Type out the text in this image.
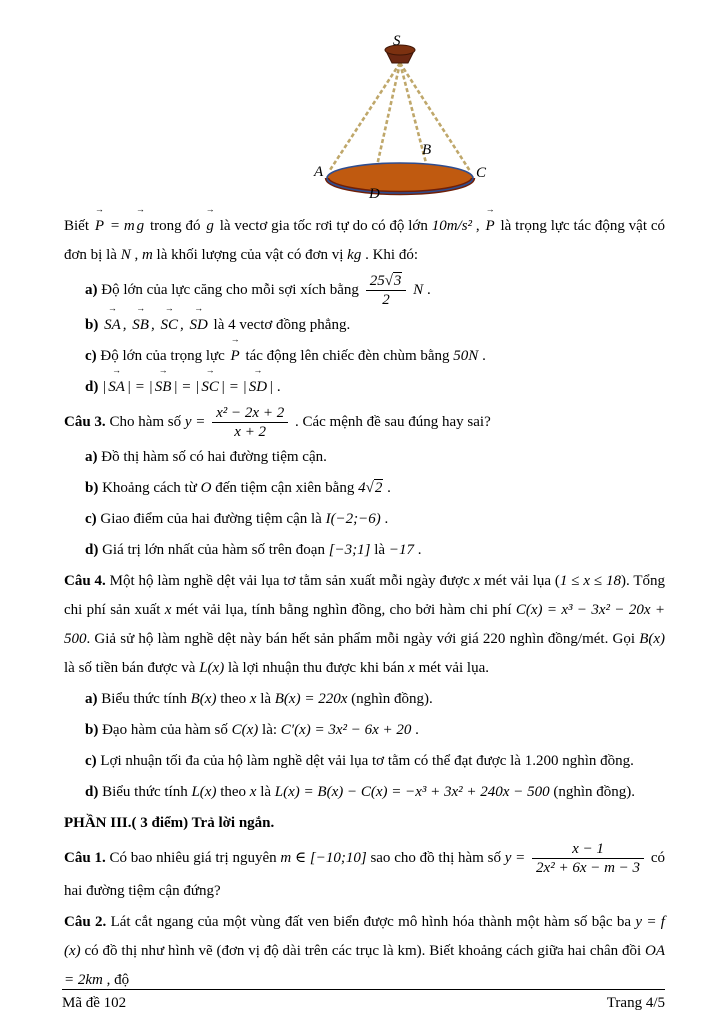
S
A
B
C
D
Biết P → = m g → trong đó g → là vectơ gia tốc rơi tự do có độ lớn 10m/s² , P → là trọng lực tác động vật có đơn bị là N , m là khối lượng của vật có đơn vị kg . Khi đó:
a) Độ lớn của lực căng cho mỗi sợi xích bằng $\frac{25√3}{2}$ N .
b) SA → , SB → , SC → , SD → là 4 vectơ đồng phẳng.
c) Độ lớn của trọng lực P → tác động lên chiếc đèn chùm bằng 50N .
d) | SA → | = | SB → | = | SC → | = | SD → | .
Câu 3. Cho hàm số $y = \frac{\text{x² − 2x + 2}}{x + 2}$ . Các mệnh đề sau đúng hay sai?
a) Đồ thị hàm số có hai đường tiệm cận.
b) Khoảng cách từ O đến tiệm cận xiên bằng 4√2 .
c) Giao điểm của hai đường tiệm cận là I(−2;−6) .
d) Giá trị lớn nhất của hàm số trên đoạn [−3;1] là −17 .
Câu 4. Một hộ làm nghề dệt vải lụa tơ tằm sản xuất mỗi ngày được x mét vải lụa (1 ≤ x ≤ 18). Tổng chi phí sản xuất x mét vải lụa, tính bằng nghìn đồng, cho bởi hàm chi phí C(x) = x³ − 3x² − 20x + 500. Giả sử hộ làm nghề dệt này bán hết sản phẩm mỗi ngày với giá 220 nghìn đồng/mét. Gọi B(x) là số tiền bán được và L(x) là lợi nhuận thu được khi bán x mét vải lụa.
a) Biểu thức tính B(x) theo x là B(x) = 220x (nghìn đồng).
b) Đạo hàm của hàm số C(x) là: C′(x) = 3x² − 6x + 20 .
c) Lợi nhuận tối đa của hộ làm nghề dệt vải lụa tơ tằm có thể đạt được là 1.200 nghìn đồng.
d) Biểu thức tính L(x) theo x là L(x) = B(x) − C(x) = −x³ + 3x² + 240x − 500 (nghìn đồng).
PHẦN III.( 3 điểm) Trả lời ngắn.
Câu 1. Có bao nhiêu giá trị nguyên m ∈ [−10;10] sao cho đồ thị hàm số $y = \frac{x - 1}{\text{2x² + 6x − m − 3}}$ có hai đường tiệm cận đứng?
Câu 2. Lát cắt ngang của một vùng đất ven biển được mô hình hóa thành một hàm số bậc ba y = f (x) có đồ thị như hình vẽ (đơn vị độ dài trên các trục là km). Biết khoảng cách giữa hai chân đồi OA = 2km , độ
Mã đề 102	Trang 4/5
